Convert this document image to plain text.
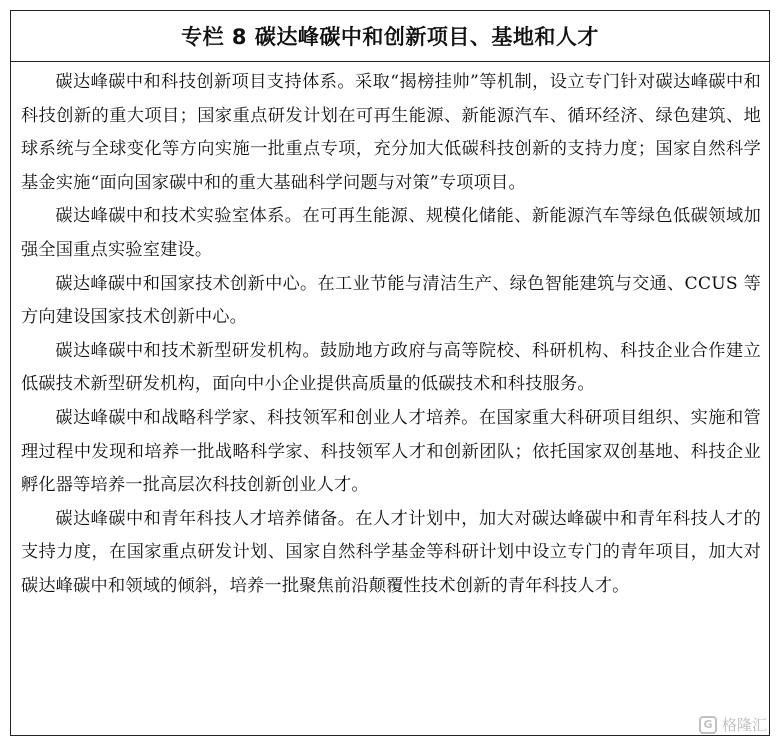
专栏 8 碳达峰碳中和创新项目、基地和人才

碳达峰碳中和科技创新项目支持体系。采取“揭榜挂帅”等机制，设立专门针对碳达峰碳中和科技创新的重大项目；国家重点研发计划在可再生能源、新能源汽车、循环经济、绿色建筑、地球系统与全球变化等方向实施一批重点专项，充分加大低碳科技创新的支持力度；国家自然科学基金实施“面向国家碳中和的重大基础科学问题与对策”专项项目。

碳达峰碳中和技术实验室体系。在可再生能源、规模化储能、新能源汽车等绿色低碳领域加强全国重点实验室建设。

碳达峰碳中和国家技术创新中心。在工业节能与清洁生产、绿色智能建筑与交通、CCUS 等方向建设国家技术创新中心。

碳达峰碳中和技术新型研发机构。鼓励地方政府与高等院校、科研机构、科技企业合作建立低碳技术新型研发机构，面向中小企业提供高质量的低碳技术和科技服务。

碳达峰碳中和战略科学家、科技领军和创业人才培养。在国家重大科研项目组织、实施和管理过程中发现和培养一批战略科学家、科技领军人才和创新团队；依托国家双创基地、科技企业孵化器等培养一批高层次科技创新创业人才。

碳达峰碳中和青年科技人才培养储备。在人才计划中，加大对碳达峰碳中和青年科技人才的支持力度，在国家重点研发计划、国家自然科学基金等科研计划中设立专门的青年项目，加大对碳达峰碳中和领域的倾斜，培养一批聚焦前沿颠覆性技术创新的青年科技人才。

G 格隆汇
